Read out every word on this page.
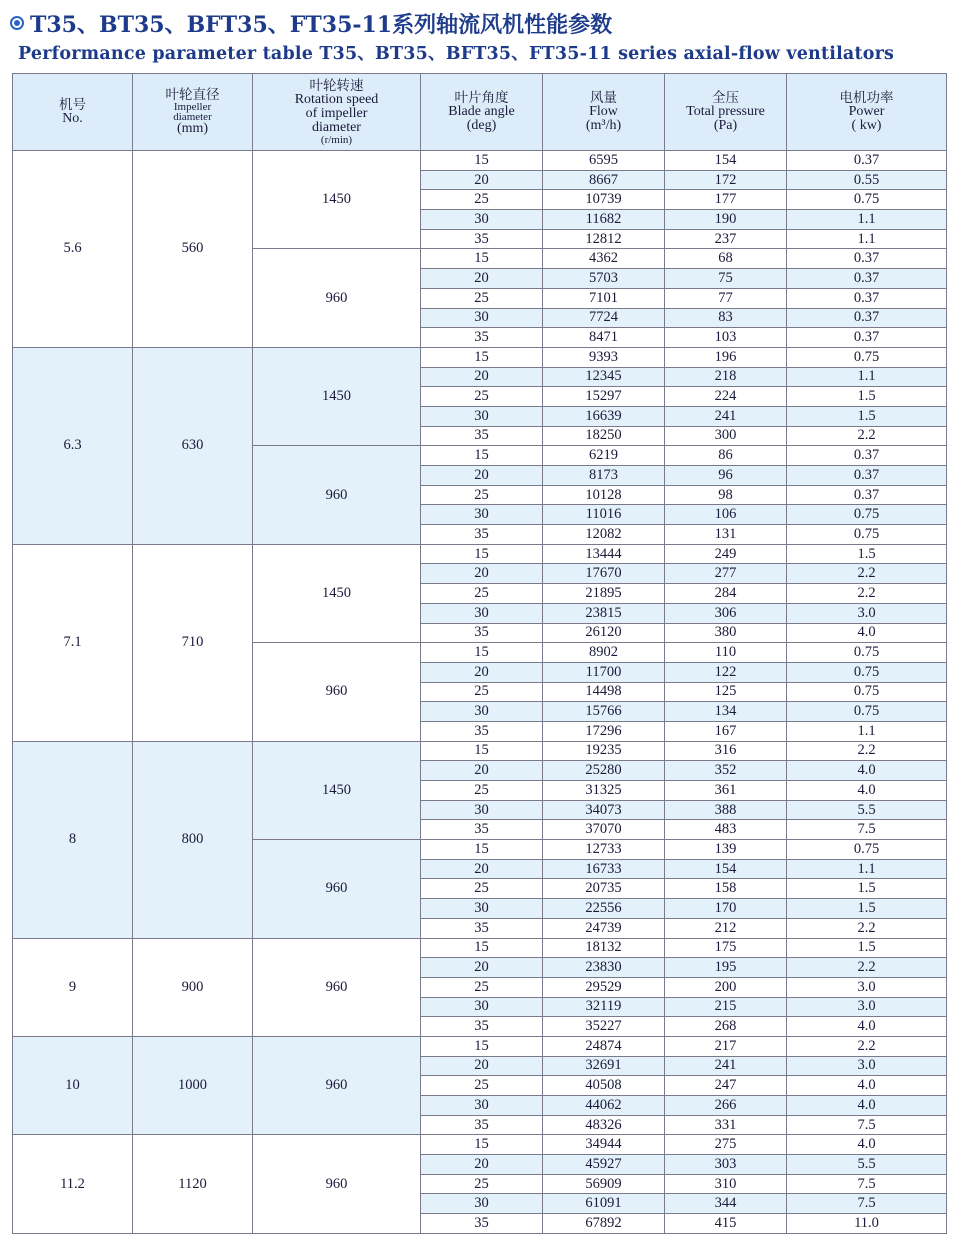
T35、BT35、BFT35、FT35-11系列轴流风机性能参数
Performance parameter table T35、BT35、BFT35、FT35-11 series axial-flow ventilators
机号
No.	叶轮直径
Impeller
diameter
(mm)	叶轮转速
Rotation speed
of impeller
diameter
(r/min)	叶片角度
Blade angle
(deg)	风量
Flow
(m³/h)	全压
Total pressure
(Pa)	电机功率
Power
( kw)

5.6	560	1450	15	6595	154	0.37
			20	8667	172	0.55
			25	10739	177	0.75
			30	11682	190	1.1
			35	12812	237	1.1
		960	15	4362	68	0.37
			20	5703	75	0.37
			25	7101	77	0.37
			30	7724	83	0.37
			35	8471	103	0.37
6.3	630	1450	15	9393	196	0.75
			20	12345	218	1.1
			25	15297	224	1.5
			30	16639	241	1.5
			35	18250	300	2.2
		960	15	6219	86	0.37
			20	8173	96	0.37
			25	10128	98	0.37
			30	11016	106	0.75
			35	12082	131	0.75
7.1	710	1450	15	13444	249	1.5
			20	17670	277	2.2
			25	21895	284	2.2
			30	23815	306	3.0
			35	26120	380	4.0
		960	15	8902	110	0.75
			20	11700	122	0.75
			25	14498	125	0.75
			30	15766	134	0.75
			35	17296	167	1.1
8	800	1450	15	19235	316	2.2
			20	25280	352	4.0
			25	31325	361	4.0
			30	34073	388	5.5
			35	37070	483	7.5
		960	15	12733	139	0.75
			20	16733	154	1.1
			25	20735	158	1.5
			30	22556	170	1.5
			35	24739	212	2.2
9	900	960	15	18132	175	1.5
			20	23830	195	2.2
			25	29529	200	3.0
			30	32119	215	3.0
			35	35227	268	4.0
10	1000	960	15	24874	217	2.2
			20	32691	241	3.0
			25	40508	247	4.0
			30	44062	266	4.0
			35	48326	331	7.5
11.2	1120	960	15	34944	275	4.0
			20	45927	303	5.5
			25	56909	310	7.5
			30	61091	344	7.5
			35	67892	415	11.0
